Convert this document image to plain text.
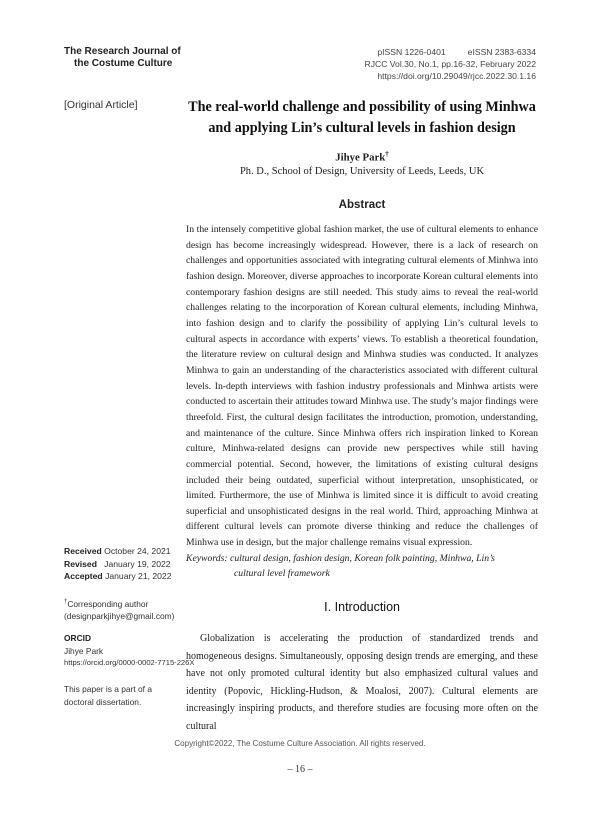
The Research Journal of
the Costume Culture
pISSN 1226-0401	eISSN 2383-6334
RJCC Vol.30, No.1, pp.16-32, February 2022
https://doi.org/10.29049/rjcc.2022.30.1.16
[Original Article]	The real-world challenge and possibility of using Minhwa
and applying Lin’s cultural levels in fashion design
Jihye Park†
Ph. D., School of Design, University of Leeds, Leeds, UK
Abstract

In the intensely competitive global fashion market, the use of cultural elements to enhance design has become increasingly widespread. However, there is a lack of research on challenges and opportunities associated with integrating cultural elements of Minhwa into fashion design. Moreover, diverse approaches to incorporate Korean cultural elements into contemporary fashion designs are still needed. This study aims to reveal the real-world challenges relating to the incorporation of Korean cultural elements, including Minhwa, into fashion design and to clarify the possibility of applying Lin’s cultural levels to cultural aspects in accordance with experts’ views. To establish a theoretical foundation, the literature review on cultural design and Minhwa studies was conducted. It analyzes Minhwa to gain an understanding of the characteristics associated with different cultural levels. In-depth interviews with fashion industry professionals and Minhwa artists were conducted to ascertain their attitudes toward Minhwa use. The study’s major findings were threefold. First, the cultural design facilitates the introduction, promotion, understanding, and maintenance of the culture. Since Minhwa offers rich inspiration linked to Korean culture, Minhwa-related designs can provide new perspectives while still having commercial potential. Second, however, the limitations of existing cultural designs included their being outdated, superficial without interpretation, unsophisticated, or limited. Furthermore, the use of Minhwa is limited since it is difficult to avoid creating superficial and unsophisticated designs in the real world. Third, approaching Minhwa at different cultural levels can promote diverse thinking and reduce the challenges of Minhwa use in design, but the major challenge remains visual expression.

Keywords: cultural design, fashion design, Korean folk painting, Minhwa, Lin’s
cultural level framework
Received October 24, 2021
Revised January 19, 2022
Accepted January 21, 2022
†Corresponding author
(designparkjihye@gmail.com)
ORCID
Jihye Park
https://orcid.org/0000-0002-7715-226X
This paper is a part of a doctoral dissertation.
Ⅰ. Introduction

Globalization is accelerating the production of standardized trends and homogeneous designs. Simultaneously, opposing design trends are emerging, and these have not only promoted cultural identity but also emphasized cultural values and identity (Popovic, Hickling-Hudson, & Moalosi, 2007). Cultural elements are increasingly inspiring products, and therefore studies are focusing more often on the cultural

Copyright©2022, The Costume Culture Association. All rights reserved.
– 16 –
